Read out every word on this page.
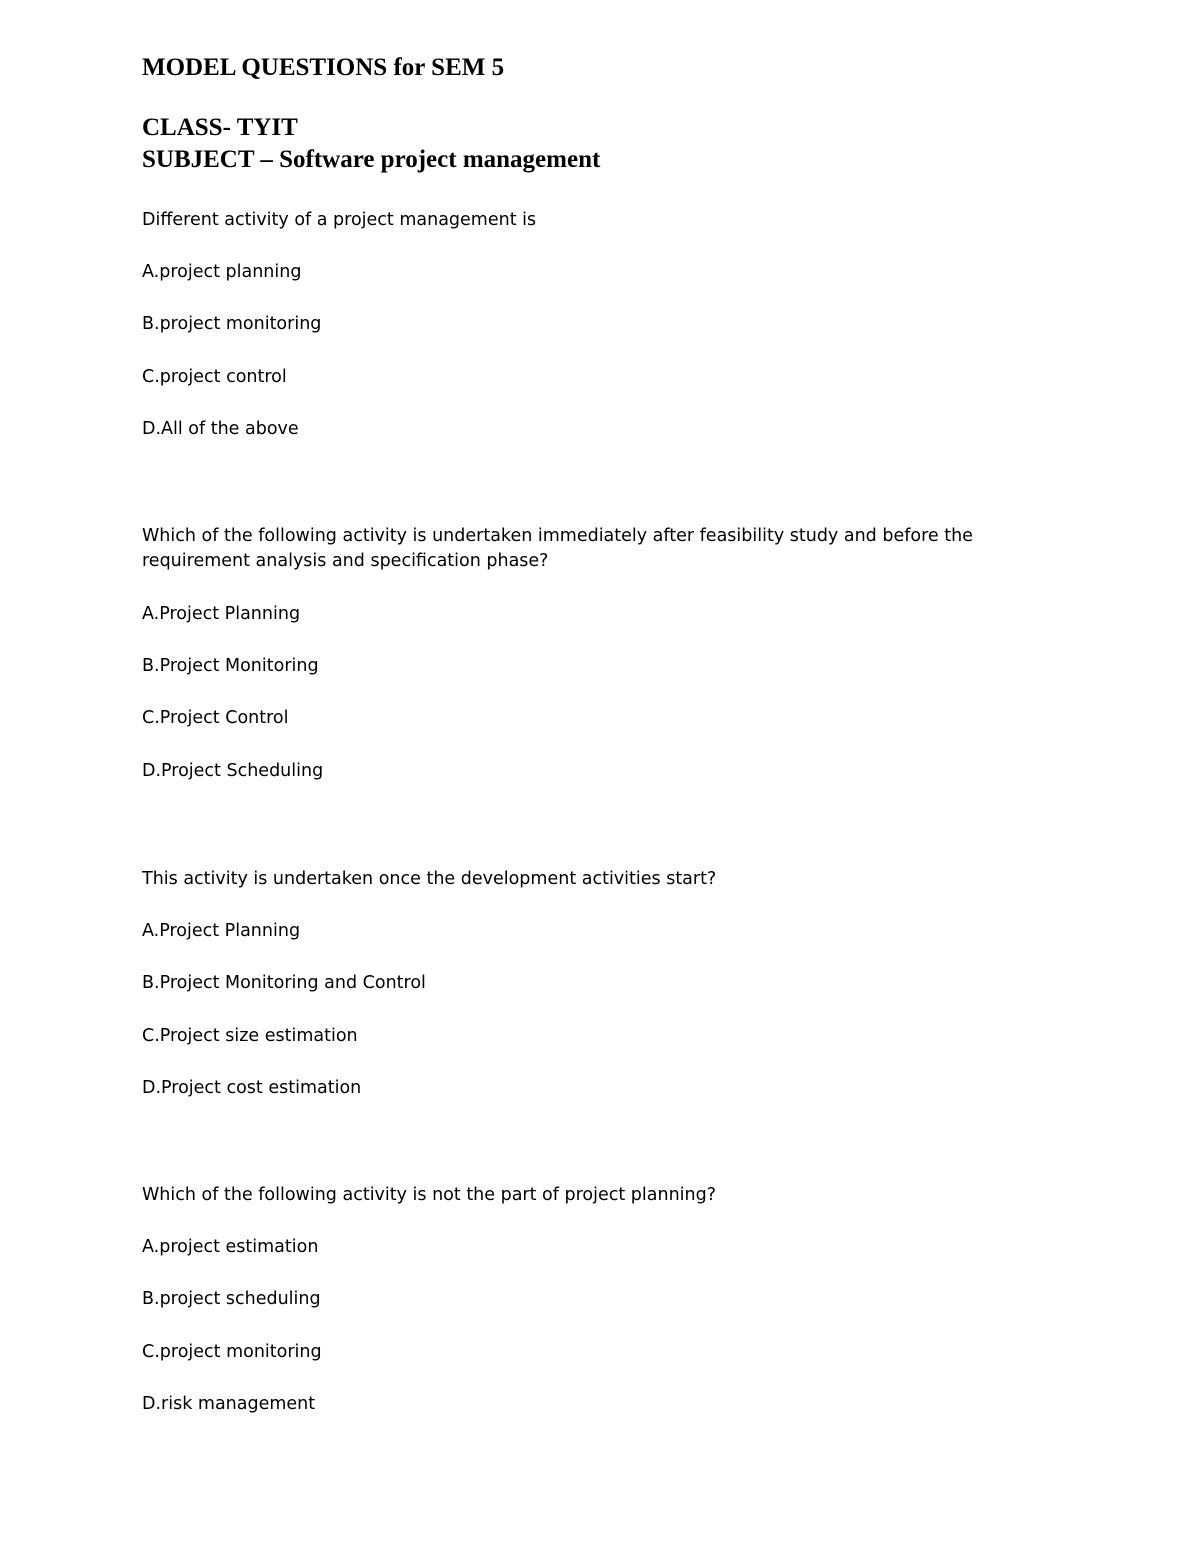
MODEL QUESTIONS for SEM 5
CLASS- TYIT
SUBJECT – Software project management

Different activity of a project management is

A.project planning

B.project monitoring

C.project control

D.All of the above

Which of the following activity is undertaken immediately after feasibility study and before the requirement analysis and specification phase?

A.Project Planning

B.Project Monitoring

C.Project Control

D.Project Scheduling

This activity is undertaken once the development activities start?

A.Project Planning

B.Project Monitoring and Control

C.Project size estimation

D.Project cost estimation

Which of the following activity is not the part of project planning?

A.project estimation

B.project scheduling

C.project monitoring

D.risk management
